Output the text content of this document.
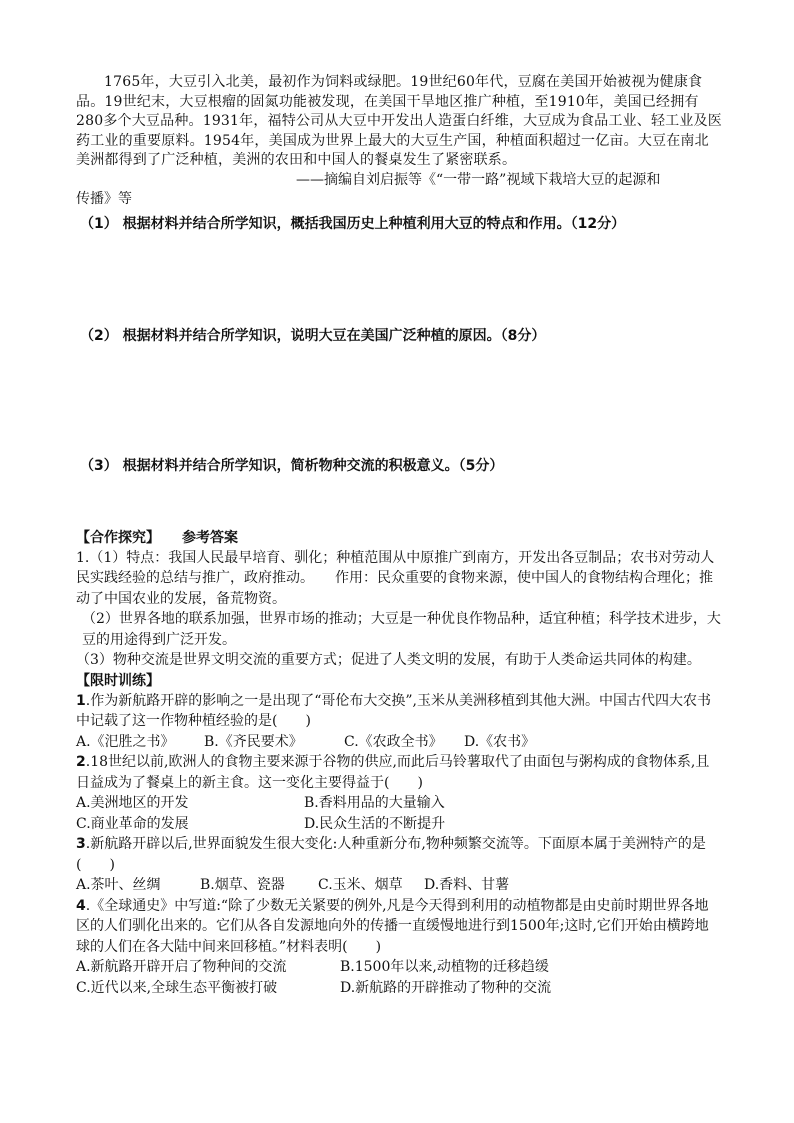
1765年，大豆引入北美，最初作为饲料或绿肥。19世纪60年代，豆腐在美国开始被视为健康食品。19世纪末，大豆根瘤的固氮功能被发现，在美国干旱地区推广种植，至1910年，美国已经拥有280多个大豆品种。1931年，福特公司从大豆中开发出人造蛋白纤维，大豆成为食品工业、轻工业及医药工业的重要原料。1954年，美国成为世界上最大的大豆生产国，种植面积超过一亿亩。大豆在南北美洲都得到了广泛种植，美洲的农田和中国人的餐桌发生了紧密联系。

——摘编自刘启振等《“一带一路”视域下栽培大豆的起源和
传播》等

（1） 根据材料并结合所学知识，概括我国历史上种植利用大豆的特点和作用。（12分）

（2） 根据材料并结合所学知识，说明大豆在美国广泛种植的原因。（8分）

（3） 根据材料并结合所学知识，简析物种交流的积极意义。（5分）

【合作探究】 参考答案

1.（1）特点：我国人民最早培育、驯化；种植范围从中原推广到南方，开发出各豆制品；农书对劳动人民实践经验的总结与推广，政府推动。　　作用：民众重要的食物来源，使中国人的食物结构合理化；推动了中国农业的发展，备荒物资。

（2）世界各地的联系加强，世界市场的推动；大豆是一种优良作物品种，适宜种植；科学技术进步，大豆的用途得到广泛开发。

（3）物种交流是世界文明交流的重要方式；促进了人类文明的发展，有助于人类命运共同体的构建。

【限时训练】

1.作为新航路开辟的影响之一是出现了“哥伦布大交换”,玉米从美洲移植到其他大洲。中国古代四大农书中记载了这一作物种植经验的是(　　)

A.《汜胜之书》	B.《齐民要术》	C.《农政全书》	D.《农书》

2.18世纪以前,欧洲人的食物主要来源于谷物的供应,而此后马铃薯取代了由面包与粥构成的食物体系,且日益成为了餐桌上的新主食。这一变化主要得益于(　　)

A.美洲地区的开发	B.香料用品的大量输入
C.商业革命的发展	D.民众生活的不断提升

3.新航路开辟以后,世界面貌发生很大变化:人种重新分布,物种频繁交流等。下面原本属于美洲特产的是(　　)

A.茶叶、丝绸	B.烟草、瓷器	C.玉米、烟草	D.香料、甘薯

4.《全球通史》中写道:“除了少数无关紧要的例外,凡是今天得到利用的动植物都是由史前时期世界各地区的人们驯化出来的。它们从各自发源地向外的传播一直缓慢地进行到1500年;这时,它们开始由横跨地球的人们在各大陆中间来回移植。”材料表明(　　)

A.新航路开辟开启了物种间的交流	B.1500年以来,动植物的迁移趋缓
C.近代以来,全球生态平衡被打破	D.新航路的开辟推动了物种的交流
